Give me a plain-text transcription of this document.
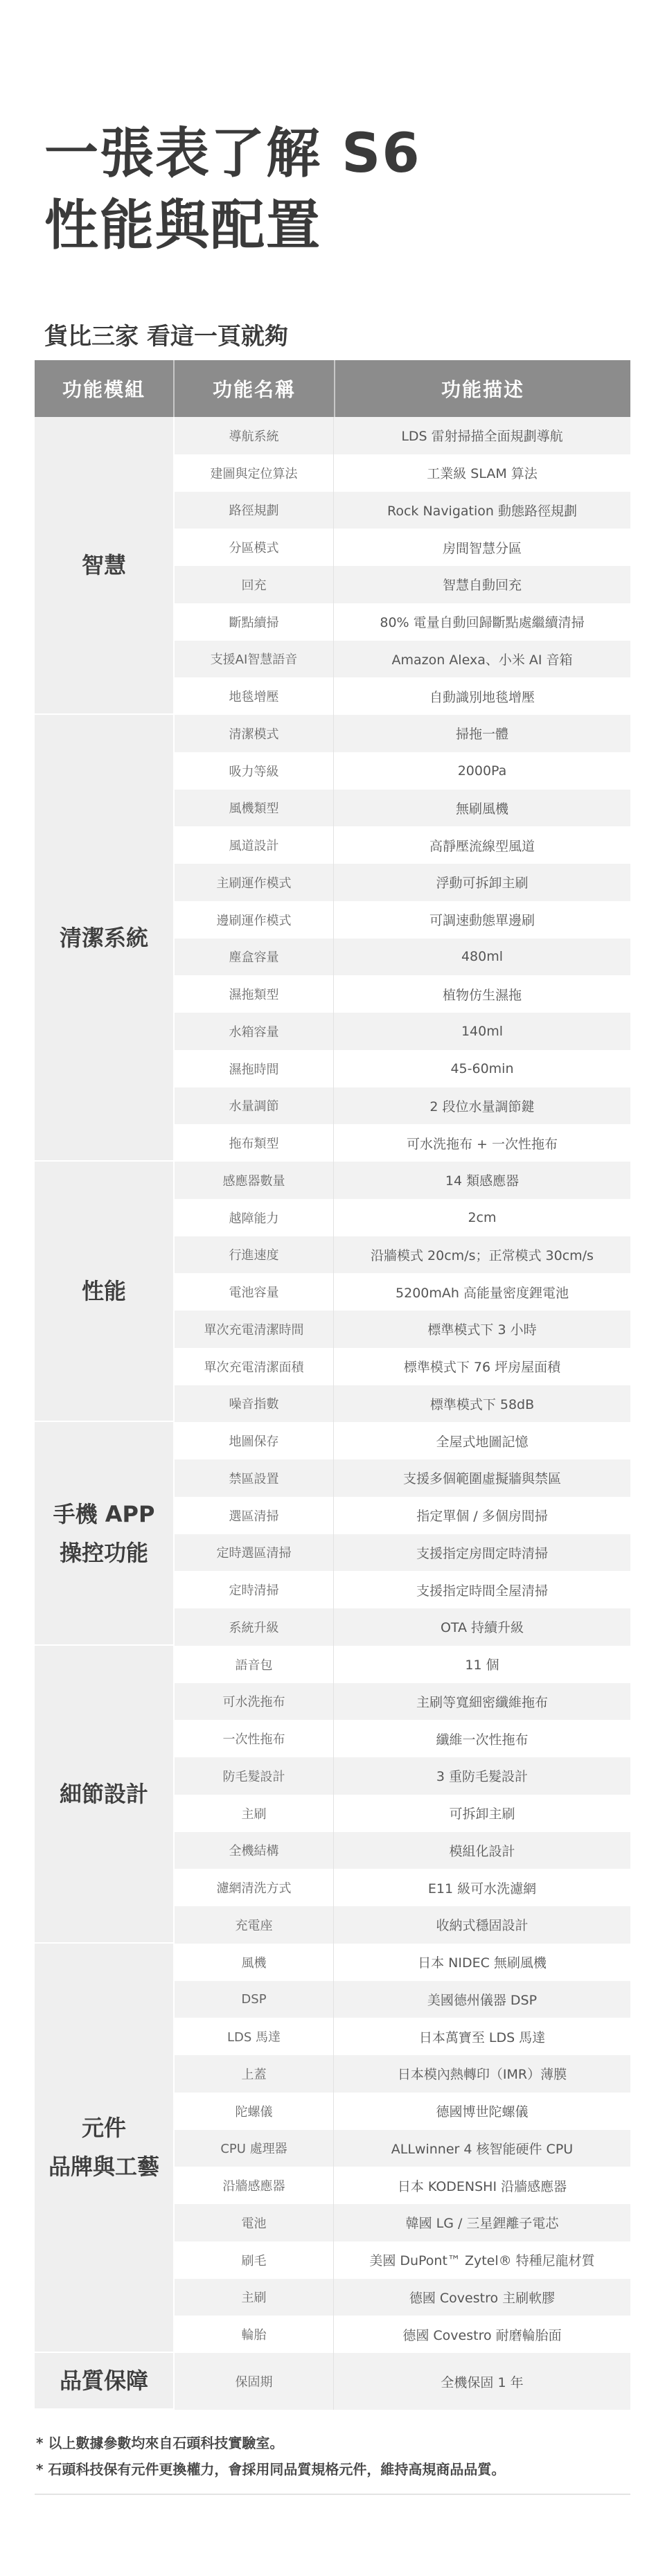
一張表了解 S6
性能與配置
貨比三家 看這一頁就夠
功能模組	功能名稱	功能描述
智慧	導航系統	LDS 雷射掃描全面規劃導航
	建圖與定位算法	工業級 SLAM 算法
	路徑規劃	Rock Navigation 動態路徑規劃
	分區模式	房間智慧分區
	回充	智慧自動回充
	斷點續掃	80% 電量自動回歸斷點處繼續清掃
	支援AI智慧語音	Amazon Alexa、小米 AI 音箱
	地毯增壓	自動識別地毯增壓
清潔系統	清潔模式	掃拖一體
	吸力等級	2000Pa
	風機類型	無刷風機
	風道設計	高靜壓流線型風道
	主刷運作模式	浮動可拆卸主刷
	邊刷運作模式	可調速動態單邊刷
	塵盒容量	480ml
	濕拖類型	植物仿生濕拖
	水箱容量	140ml
	濕拖時間	45-60min
	水量調節	2 段位水量調節鍵
	拖布類型	可水洗拖布 + 一次性拖布
性能	感應器數量	14 類感應器
	越障能力	2cm
	行進速度	沿牆模式 20cm/s；正常模式 30cm/s
	電池容量	5200mAh 高能量密度鋰電池
	單次充電清潔時間	標準模式下 3 小時
	單次充電清潔面積	標準模式下 76 坪房屋面積
	噪音指數	標準模式下 58dB
手機 APP
操控功能	地圖保存	全屋式地圖記憶
	禁區設置	支援多個範圍虛擬牆與禁區
	選區清掃	指定單個 / 多個房間掃
	定時選區清掃	支援指定房間定時清掃
	定時清掃	支援指定時間全屋清掃
	系統升級	OTA 持續升級
細節設計	語音包	11 個
	可水洗拖布	主刷等寬細密纖維拖布
	一次性拖布	纖維一次性拖布
	防毛髮設計	3 重防毛髮設計
	主刷	可拆卸主刷
	全機結構	模組化設計
	濾網清洗方式	E11 級可水洗濾網
	充電座	收納式穩固設計
元件
品牌與工藝	風機	日本 NIDEC 無刷風機
	DSP	美國德州儀器 DSP
	LDS 馬達	日本萬寶至 LDS 馬達
	上蓋	日本模內熱轉印（IMR）薄膜
	陀螺儀	德國博世陀螺儀
	CPU 處理器	ALLwinner 4 核智能硬件 CPU
	沿牆感應器	日本 KODENSHI 沿牆感應器
	電池	韓國 LG / 三星鋰離子電芯
	刷毛	美國 DuPont™ Zytel® 特種尼龍材質
	主刷	德國 Covestro 主刷軟膠
	輪胎	德國 Covestro 耐磨輪胎面
品質保障	保固期	全機保固 1 年
* 以上數據參數均來自石頭科技實驗室。
* 石頭科技保有元件更換權力，會採用同品質規格元件，維持高規商品品質。
